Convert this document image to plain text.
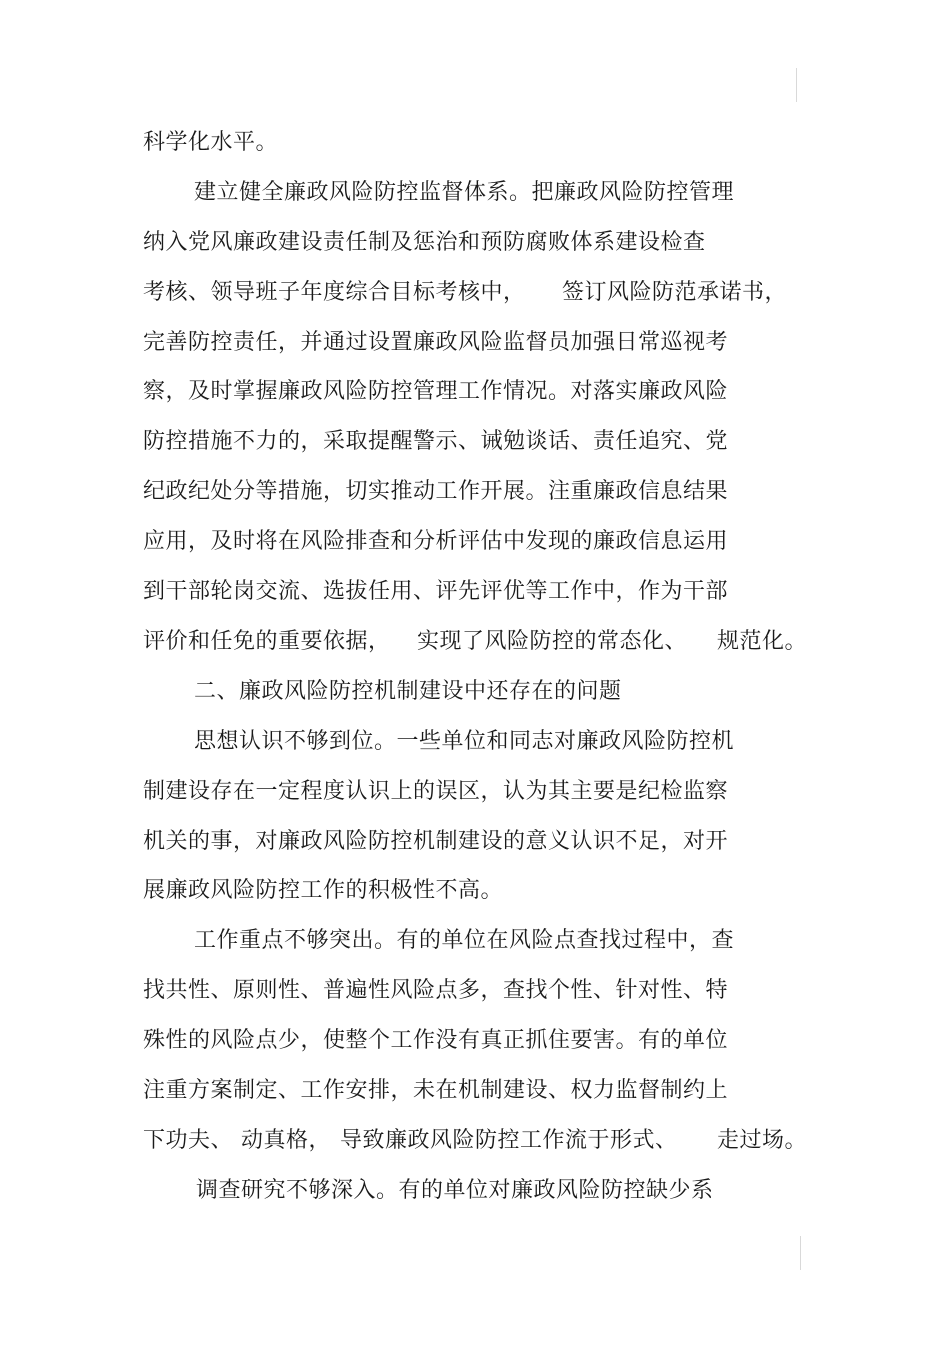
科学化水平。
建立健全廉政风险防控监督体系。把廉政风险防控管理
纳入党风廉政建设责任制及惩治和预防腐败体系建设检查
考核、领导班子年度综合目标考核中， 签订风险防范承诺书，
完善防控责任，并通过设置廉政风险监督员加强日常巡视考
察，及时掌握廉政风险防控管理工作情况。对落实廉政风险
防控措施不力的，采取提醒警示、诫勉谈话、责任追究、党
纪政纪处分等措施，切实推动工作开展。注重廉政信息结果
应用，及时将在风险排查和分析评估中发现的廉政信息运用
到干部轮岗交流、选拔任用、评先评优等工作中，作为干部
评价和任免的重要依据， 实现了风险防控的常态化、 规范化。
二、廉政风险防控机制建设中还存在的问题
思想认识不够到位。一些单位和同志对廉政风险防控机
制建设存在一定程度认识上的误区，认为其主要是纪检监察
机关的事，对廉政风险防控机制建设的意义认识不足，对开
展廉政风险防控工作的积极性不高。
工作重点不够突出。有的单位在风险点查找过程中，查
找共性、原则性、普遍性风险点多，查找个性、针对性、特
殊性的风险点少，使整个工作没有真正抓住要害。有的单位
注重方案制定、工作安排，未在机制建设、权力监督制约上
下功夫、 动真格， 导致廉政风险防控工作流于形式、 走过场。
调查研究不够深入。有的单位对廉政风险防控缺少系
